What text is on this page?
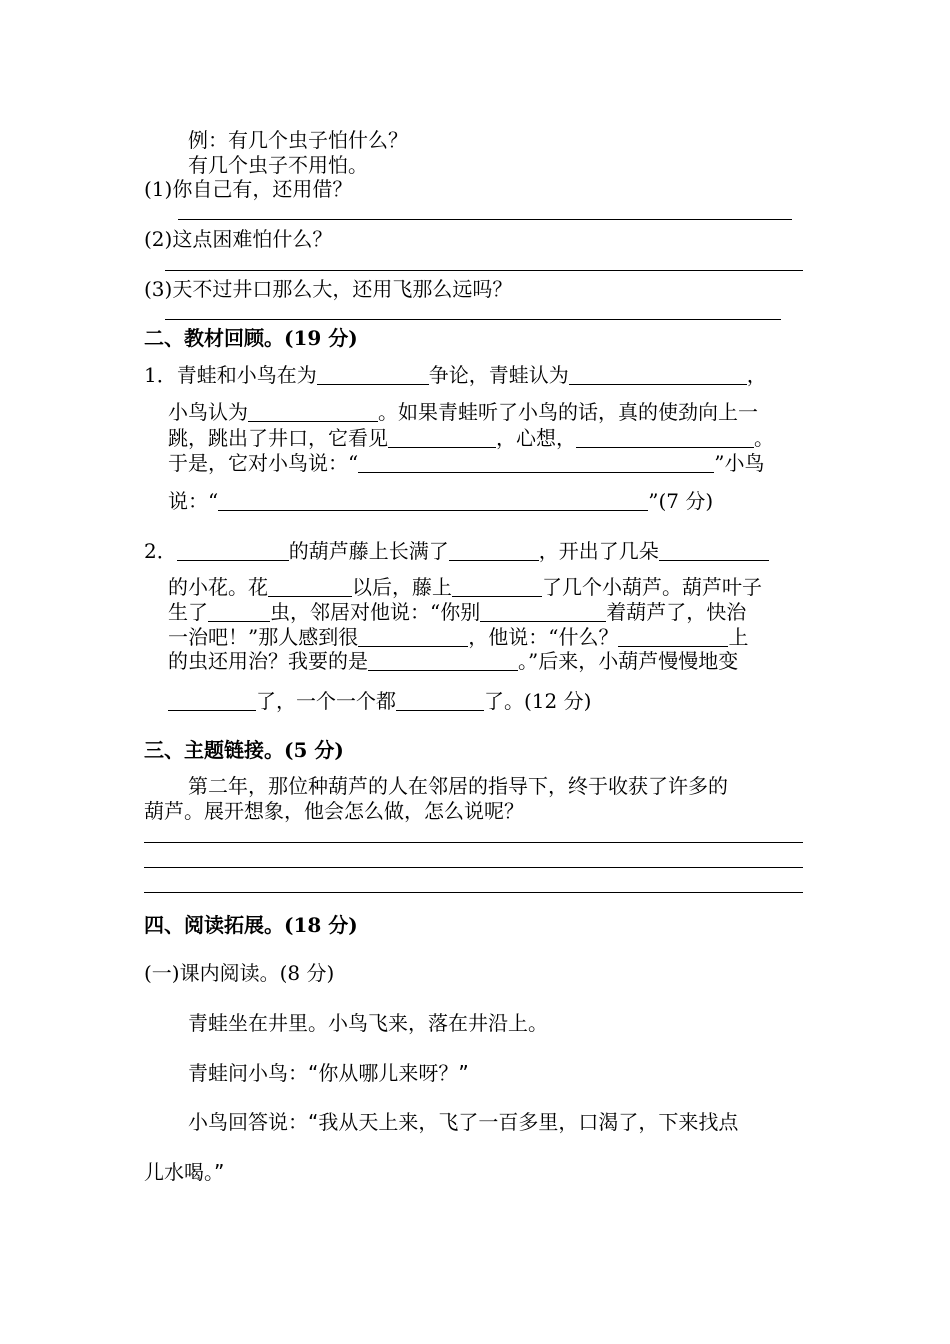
例：有几个虫子怕什么？
有几个虫子不用怕。
(1)你自己有，还用借？
(2)这点困难怕什么？
(3)天不过井口那么大，还用飞那么远吗？
二、教材回顾。(19 分)
1．青蛙和小鸟在为	争论，青蛙认为	，
小鸟认为	。如果青蛙听了小鸟的话，真的使劲向上一
跳，跳出了井口，它看见	，心想，	。
于是，它对小鸟说：“	”小鸟
说：“	”(7 分)
2．	的葫芦藤上长满了	，开出了几朵
的小花。花	以后，藤上	了几个小葫芦。葫芦叶子
生了	虫，邻居对他说：“你别	着葫芦了，快治
一治吧！”那人感到很	，他说：“什么？	上
的虫还用治？我要的是	。”后来，小葫芦慢慢地变
了，一个一个都	了。(12 分)
三、主题链接。(5 分)
第二年，那位种葫芦的人在邻居的指导下，终于收获了许多的
葫芦。展开想象，他会怎么做，怎么说呢？
四、阅读拓展。(18 分)
(一)课内阅读。(8 分)
青蛙坐在井里。小鸟飞来，落在井沿上。
青蛙问小鸟：“你从哪儿来呀？”
小鸟回答说：“我从天上来，飞了一百多里，口渴了，下来找点
儿水喝。”
